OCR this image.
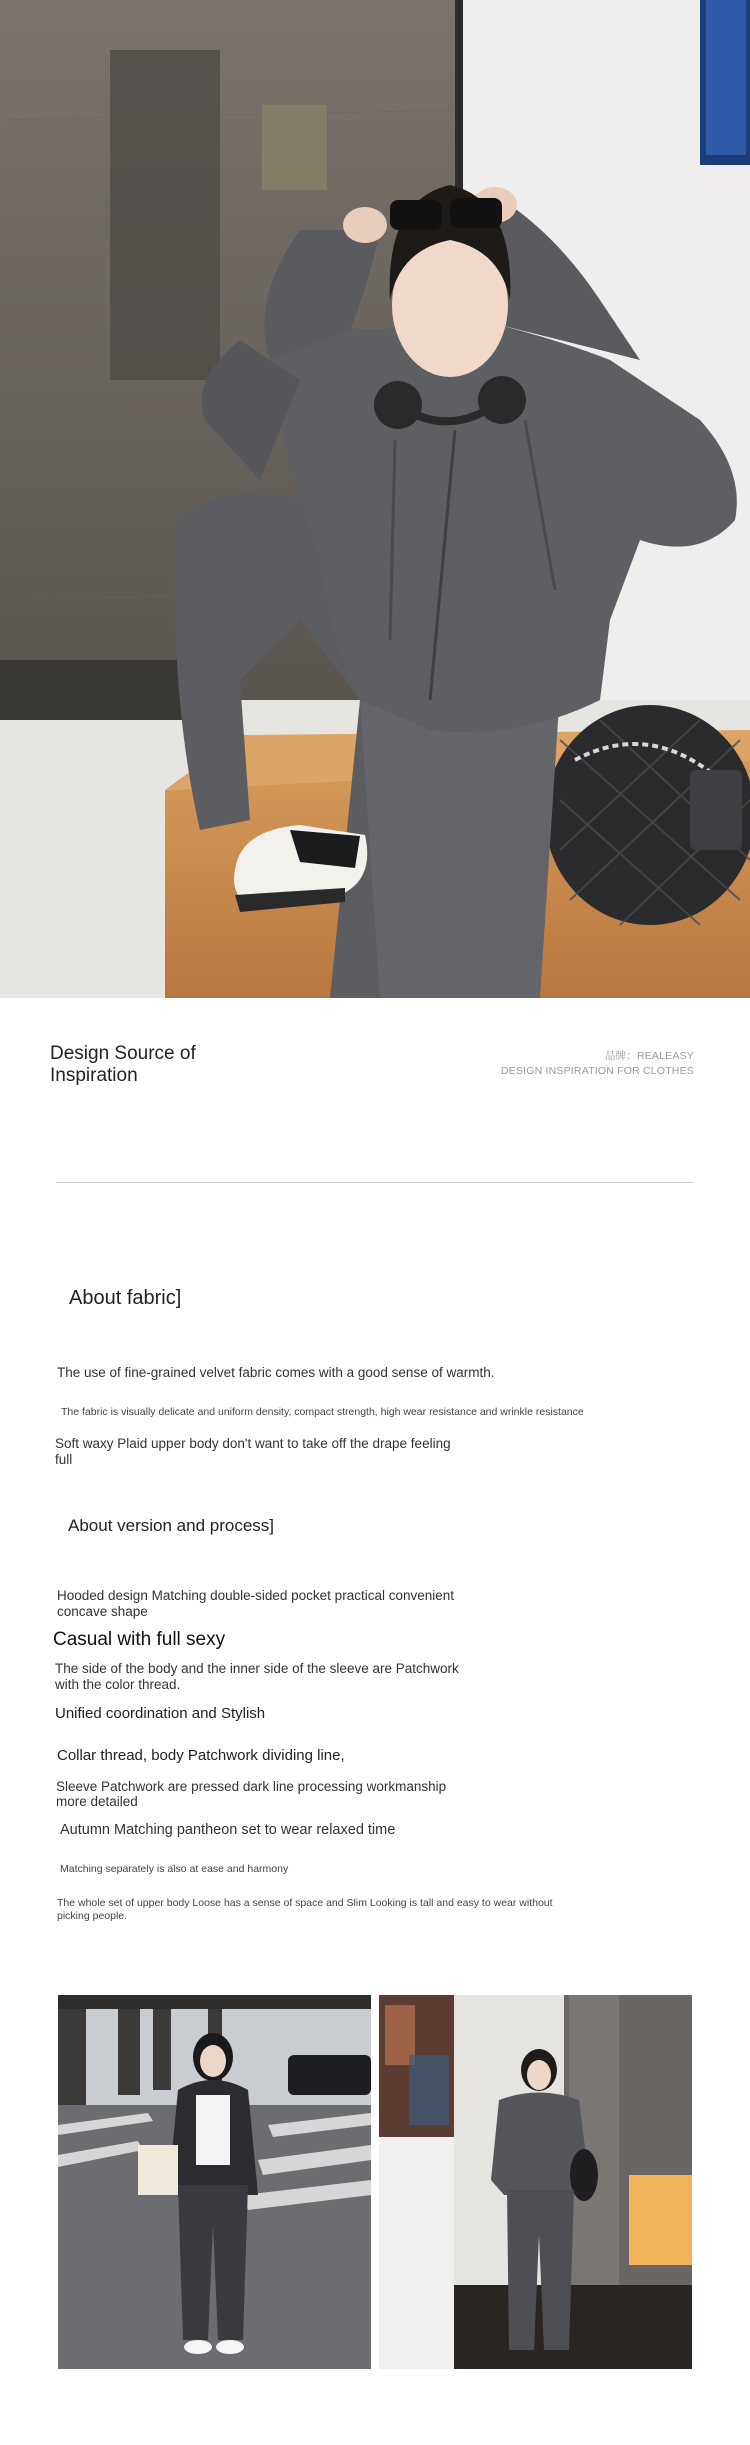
Design Source of
Inspiration
品牌：REALEASY
DESIGN INSPIRATION FOR CLOTHES
About fabric]
The use of fine-grained velvet fabric comes with a good sense of warmth.
The fabric is visually delicate and uniform density, compact strength, high wear resistance and wrinkle resistance
Soft waxy Plaid upper body don't want to take off the drape feeling
full
About version and process]
Hooded design Matching double-sided pocket practical convenient
concave shape
Casual with full sexy
The side of the body and the inner side of the sleeve are Patchwork
with the color thread.
Unified coordination and Stylish
Collar thread, body Patchwork dividing line,
Sleeve Patchwork are pressed dark line processing workmanship
more detailed
Autumn Matching pantheon set to wear relaxed time
Matching separately is also at ease and harmony
The whole set of upper body Loose has a sense of space and Slim Looking is tall and easy to wear without
picking people.
